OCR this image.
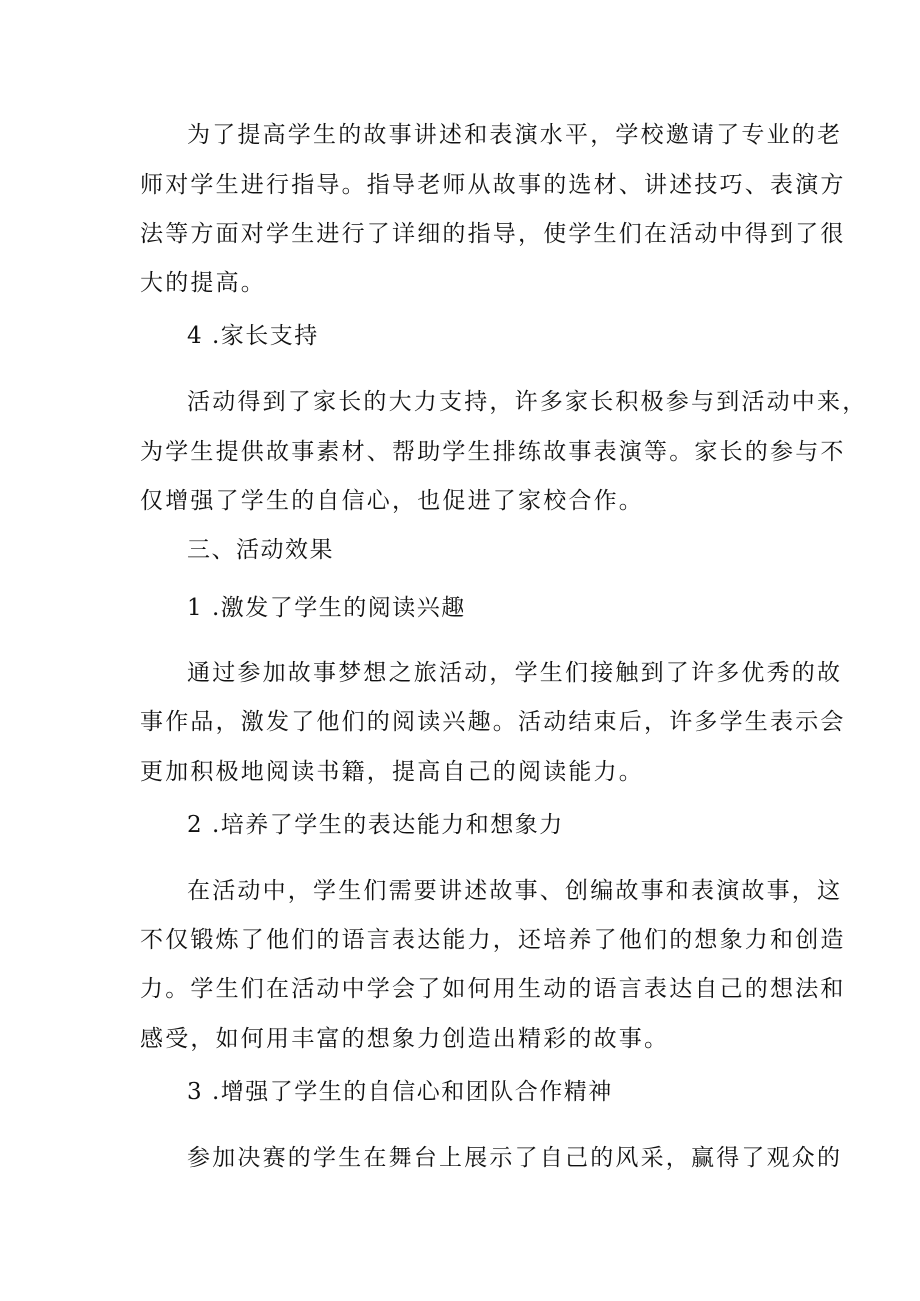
为了提高学生的故事讲述和表演水平，学校邀请了专业的老
师对学生进行指导。指导老师从故事的选材、讲述技巧、表演方
法等方面对学生进行了详细的指导，使学生们在活动中得到了很
大的提高。
4 .家长支持
活动得到了家长的大力支持，许多家长积极参与到活动中来，
为学生提供故事素材、帮助学生排练故事表演等。家长的参与不
仅增强了学生的自信心，也促进了家校合作。
三、活动效果
1 .激发了学生的阅读兴趣
通过参加故事梦想之旅活动，学生们接触到了许多优秀的故
事作品，激发了他们的阅读兴趣。活动结束后，许多学生表示会
更加积极地阅读书籍，提高自己的阅读能力。
2 .培养了学生的表达能力和想象力
在活动中，学生们需要讲述故事、创编故事和表演故事，这
不仅锻炼了他们的语言表达能力，还培养了他们的想象力和创造
力。学生们在活动中学会了如何用生动的语言表达自己的想法和
感受，如何用丰富的想象力创造出精彩的故事。
3 .增强了学生的自信心和团队合作精神
参加决赛的学生在舞台上展示了自己的风采，赢得了观众的
